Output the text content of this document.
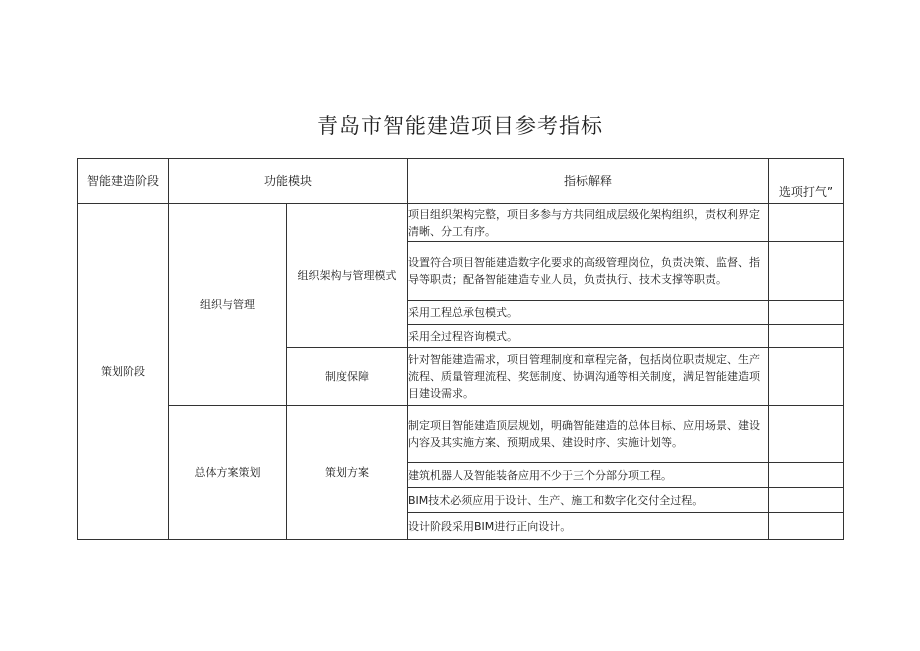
青岛市智能建造项目参考指标
智能建造阶段	功能模块		指标解释	选项打气”
策划阶段	组织与管理	组织架构与管理模式	项目组织架构完整，项目多参与方共同组成层级化架构组织，责权利界定清晰、分工有序。	
			设置符合项目智能建造数字化要求的高级管理岗位，负责决策、监督、指导等职责；配备智能建造专业人员，负责执行、技术支撑等职责。	
			采用工程总承包模式。	
			采用全过程咨询模式。	
		制度保障	针对智能建造需求，项目管理制度和章程完备，包括岗位职责规定、生产流程、质量管理流程、奖惩制度、协调沟通等相关制度，满足智能建造项目建设需求。	
	总体方案策划	策划方案	制定项目智能建造顶层规划，明确智能建造的总体目标、应用场景、建设内容及其实施方案、预期成果、建设时序、实施计划等。	
			建筑机器人及智能装备应用不少于三个分部分项工程。	
			BIM技术必须应用于设计、生产、施工和数字化交付全过程。	
			设计阶段采用BIM进行正向设计。	
